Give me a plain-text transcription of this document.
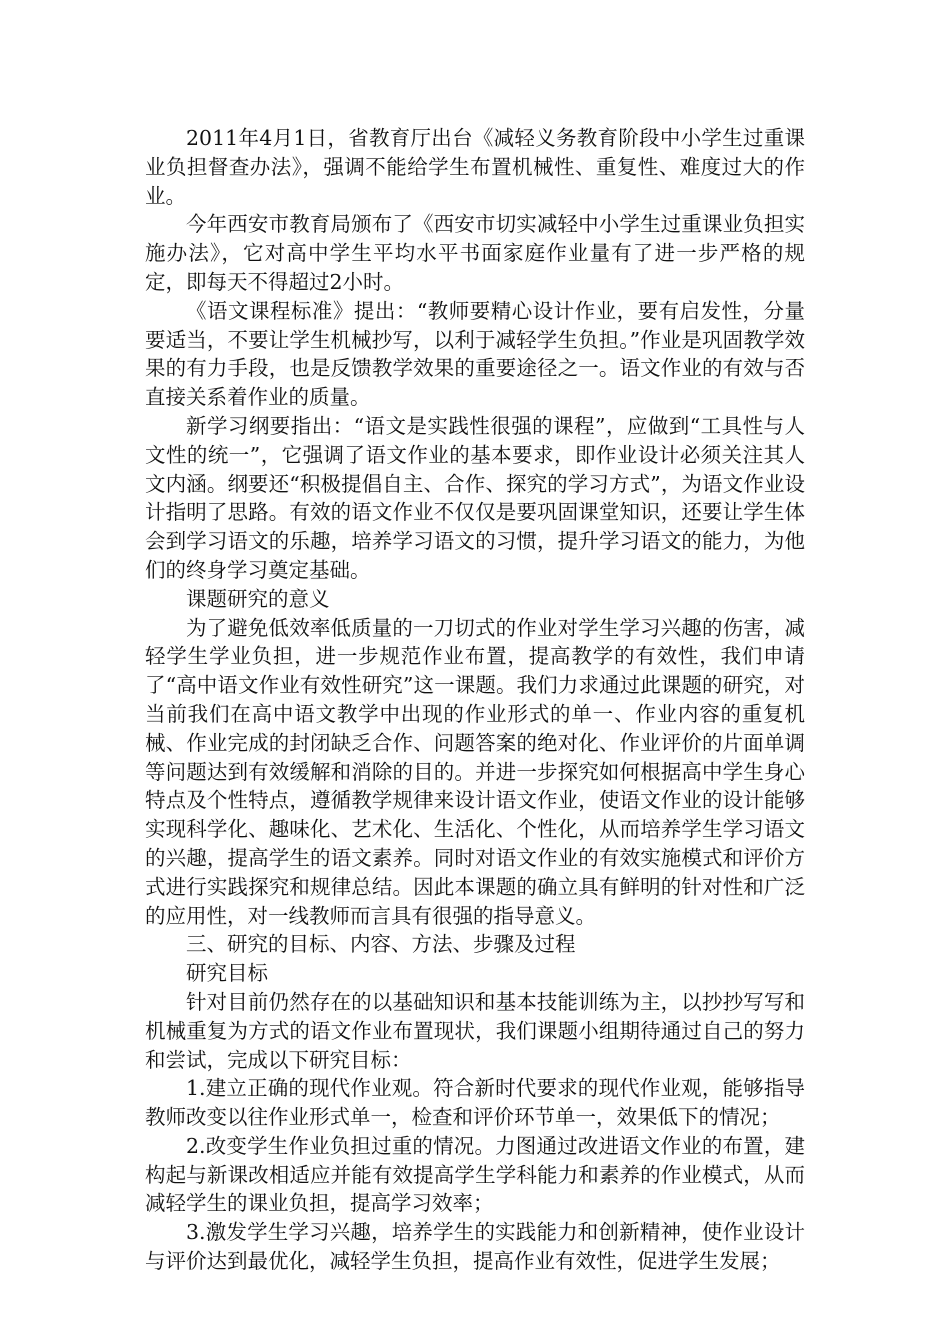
2011年4月1日，省教育厅出台《减轻义务教育阶段中小学生过重课业负担督查办法》，强调不能给学生布置机械性、重复性、难度过大的作业。

今年西安市教育局颁布了《西安市切实减轻中小学生过重课业负担实施办法》，它对高中学生平均水平书面家庭作业量有了进一步严格的规定，即每天不得超过2小时。

《语文课程标准》提出：“教师要精心设计作业，要有启发性，分量要适当，不要让学生机械抄写，以利于减轻学生负担。”作业是巩固教学效果的有力手段，也是反馈教学效果的重要途径之一。语文作业的有效与否直接关系着作业的质量。

新学习纲要指出：“语文是实践性很强的课程”，应做到“工具性与人文性的统一”，它强调了语文作业的基本要求，即作业设计必须关注其人文内涵。纲要还“积极提倡自主、合作、探究的学习方式”，为语文作业设计指明了思路。有效的语文作业不仅仅是要巩固课堂知识，还要让学生体会到学习语文的乐趣，培养学习语文的习惯，提升学习语文的能力，为他们的终身学习奠定基础。

课题研究的意义

为了避免低效率低质量的一刀切式的作业对学生学习兴趣的伤害，减轻学生学业负担，进一步规范作业布置，提高教学的有效性，我们申请了“高中语文作业有效性研究”这一课题。我们力求通过此课题的研究，对当前我们在高中语文教学中出现的作业形式的单一、作业内容的重复机械、作业完成的封闭缺乏合作、问题答案的绝对化、作业评价的片面单调等问题达到有效缓解和消除的目的。并进一步探究如何根据高中学生身心特点及个性特点，遵循教学规律来设计语文作业，使语文作业的设计能够实现科学化、趣味化、艺术化、生活化、个性化，从而培养学生学习语文的兴趣，提高学生的语文素养。同时对语文作业的有效实施模式和评价方式进行实践探究和规律总结。因此本课题的确立具有鲜明的针对性和广泛的应用性，对一线教师而言具有很强的指导意义。

三、研究的目标、内容、方法、步骤及过程

研究目标

针对目前仍然存在的以基础知识和基本技能训练为主，以抄抄写写和机械重复为方式的语文作业布置现状，我们课题小组期待通过自己的努力和尝试，完成以下研究目标：

1.建立正确的现代作业观。符合新时代要求的现代作业观，能够指导教师改变以往作业形式单一，检查和评价环节单一，效果低下的情况；

2.改变学生作业负担过重的情况。力图通过改进语文作业的布置，建构起与新课改相适应并能有效提高学生学科能力和素养的作业模式，从而减轻学生的课业负担，提高学习效率；

3.激发学生学习兴趣，培养学生的实践能力和创新精神，使作业设计与评价达到最优化，减轻学生负担，提高作业有效性，促进学生发展；
